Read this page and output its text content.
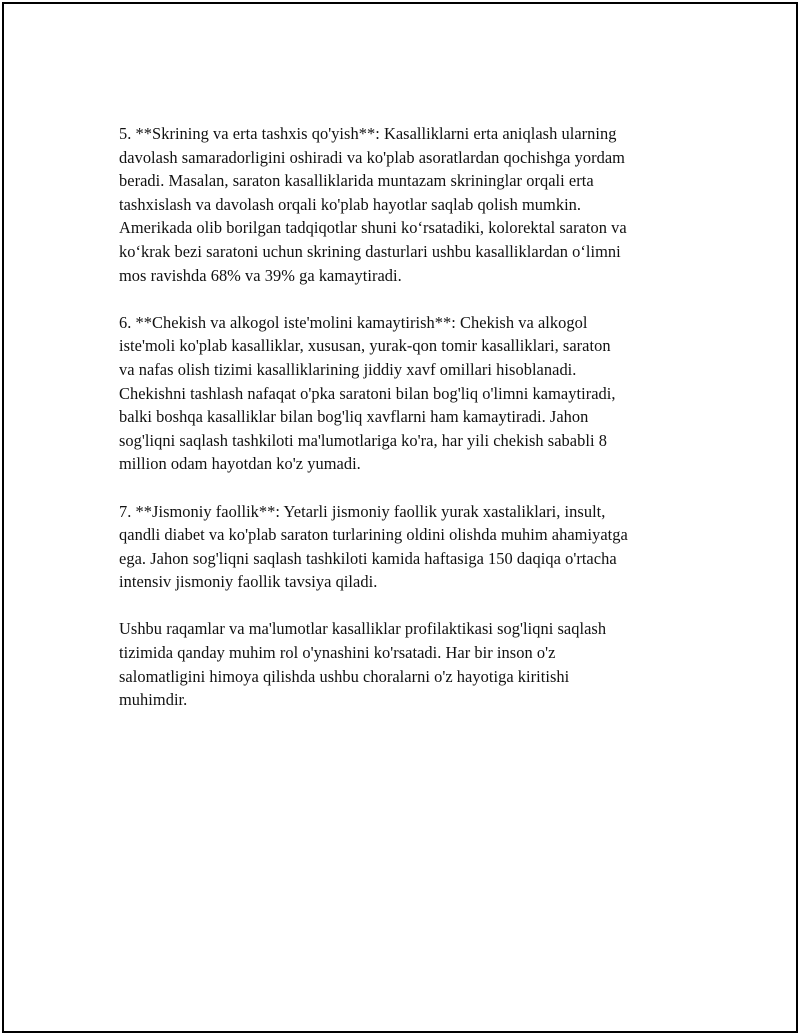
5. **Skrining va erta tashxis qo'yish**: Kasalliklarni erta aniqlash ularning
davolash samaradorligini oshiradi va ko'plab asoratlardan qochishga yordam
beradi. Masalan, saraton kasalliklarida muntazam skrininglаr orqali erta
tashxislash va davolash orqali ko'plab hayotlar saqlab qolish mumkin.
Amerikada olib borilgan tadqiqotlar shuni ko‘rsatadiki, kolorektal saraton va
ko‘krak bezi saratoni uchun skrining dasturlari ushbu kasalliklardan o‘limni
mos ravishda 68% va 39% ga kamaytiradi.

6. **Chekish va alkogol iste'molini kamaytirish**: Chekish va alkogol
iste'moli ko'plab kasalliklar, xususan, yurak-qon tomir kasalliklari, saraton
va nafas olish tizimi kasalliklarining jiddiy xavf omillari hisoblanadi.
Chekishni tashlash nafaqat o'pka saratoni bilan bog'liq o'limni kamaytiradi,
balki boshqa kasalliklar bilan bog'liq xavflarni ham kamaytiradi. Jahon
sog'liqni saqlash tashkiloti ma'lumotlariga ko'ra, har yili chekish sababli 8
million odam hayotdan ko'z yumadi.

7. **Jismoniy faollik**: Yetarli jismoniy faollik yurak xastaliklari, insult,
qandli diabet va ko'plab saraton turlarining oldini olishda muhim ahamiyatga
ega. Jahon sog'liqni saqlash tashkiloti kamida haftasiga 150 daqiqa o'rtacha
intensiv jismoniy faollik tavsiya qiladi.

Ushbu raqamlar va ma'lumotlar kasalliklar profilaktikasi sog'liqni saqlash
tizimida qanday muhim rol o'ynashini ko'rsatadi. Har bir inson o'z
salomatligini himoya qilishda ushbu choralarni o'z hayotiga kiritishi
muhimdir.
